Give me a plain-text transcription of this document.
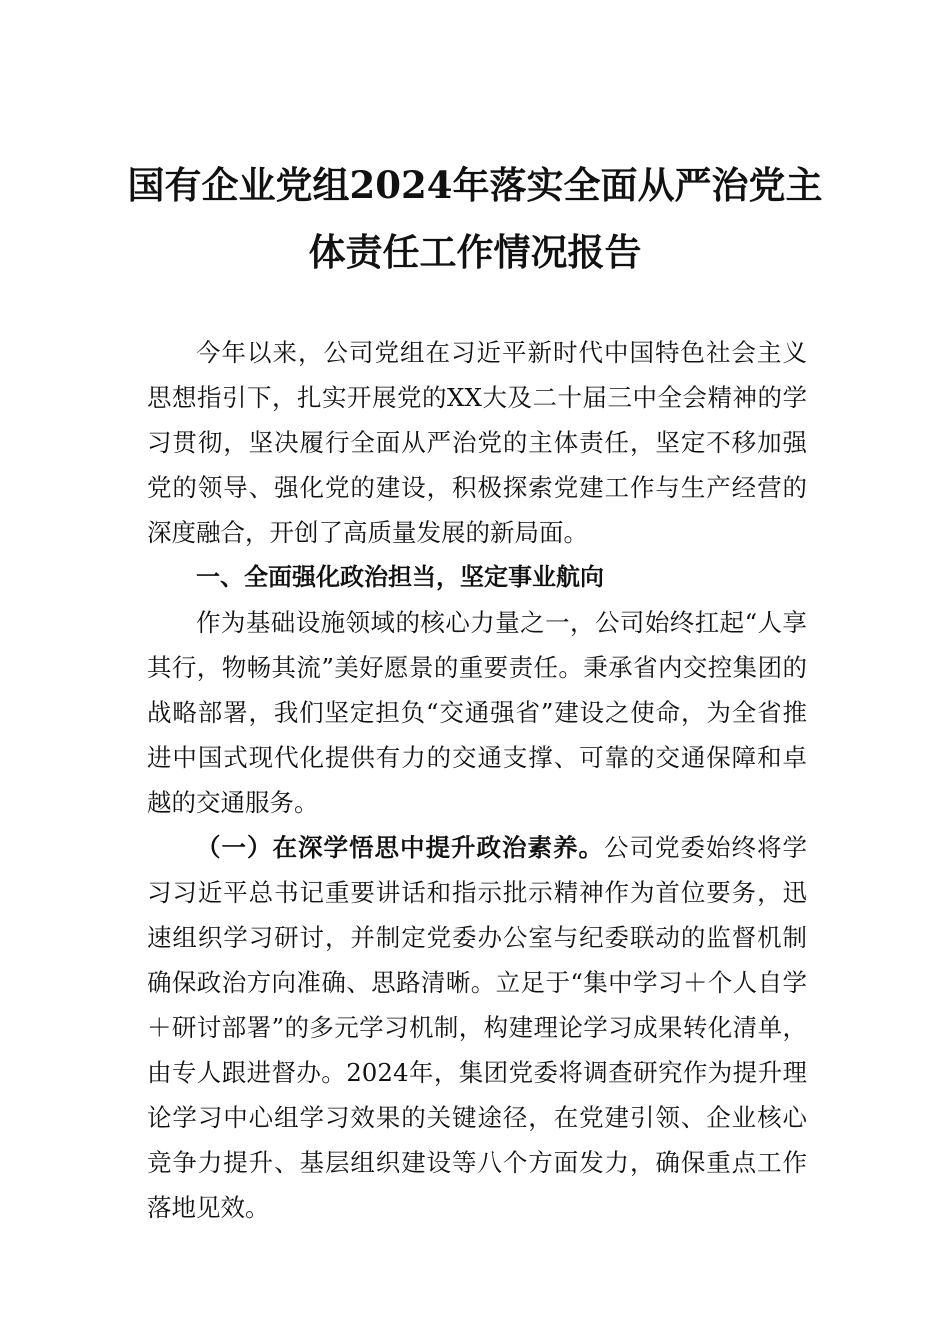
国有企业党组2024年落实全面从严治党主
体责任工作情况报告

今年以来，公司党组在习近平新时代中国特色社会主义思想指引下，扎实开展党的XX大及二十届三中全会精神的学习贯彻，坚决履行全面从严治党的主体责任，坚定不移加强党的领导、强化党的建设，积极探索党建工作与生产经营的深度融合，开创了高质量发展的新局面。

一、全面强化政治担当，坚定事业航向

作为基础设施领域的核心力量之一，公司始终扛起“人享其行，物畅其流”美好愿景的重要责任。秉承省内交控集团的战略部署，我们坚定担负“交通强省”建设之使命，为全省推进中国式现代化提供有力的交通支撑、可靠的交通保障和卓越的交通服务。

（一）在深学悟思中提升政治素养。公司党委始终将学习习近平总书记重要讲话和指示批示精神作为首位要务，迅速组织学习研讨，并制定党委办公室与纪委联动的监督机制确保政治方向准确、思路清晰。立足于“集中学习＋个人自学＋研讨部署”的多元学习机制，构建理论学习成果转化清单，由专人跟进督办。2024年，集团党委将调查研究作为提升理论学习中心组学习效果的关键途径，在党建引领、企业核心竞争力提升、基层组织建设等八个方面发力，确保重点工作落地见效。
